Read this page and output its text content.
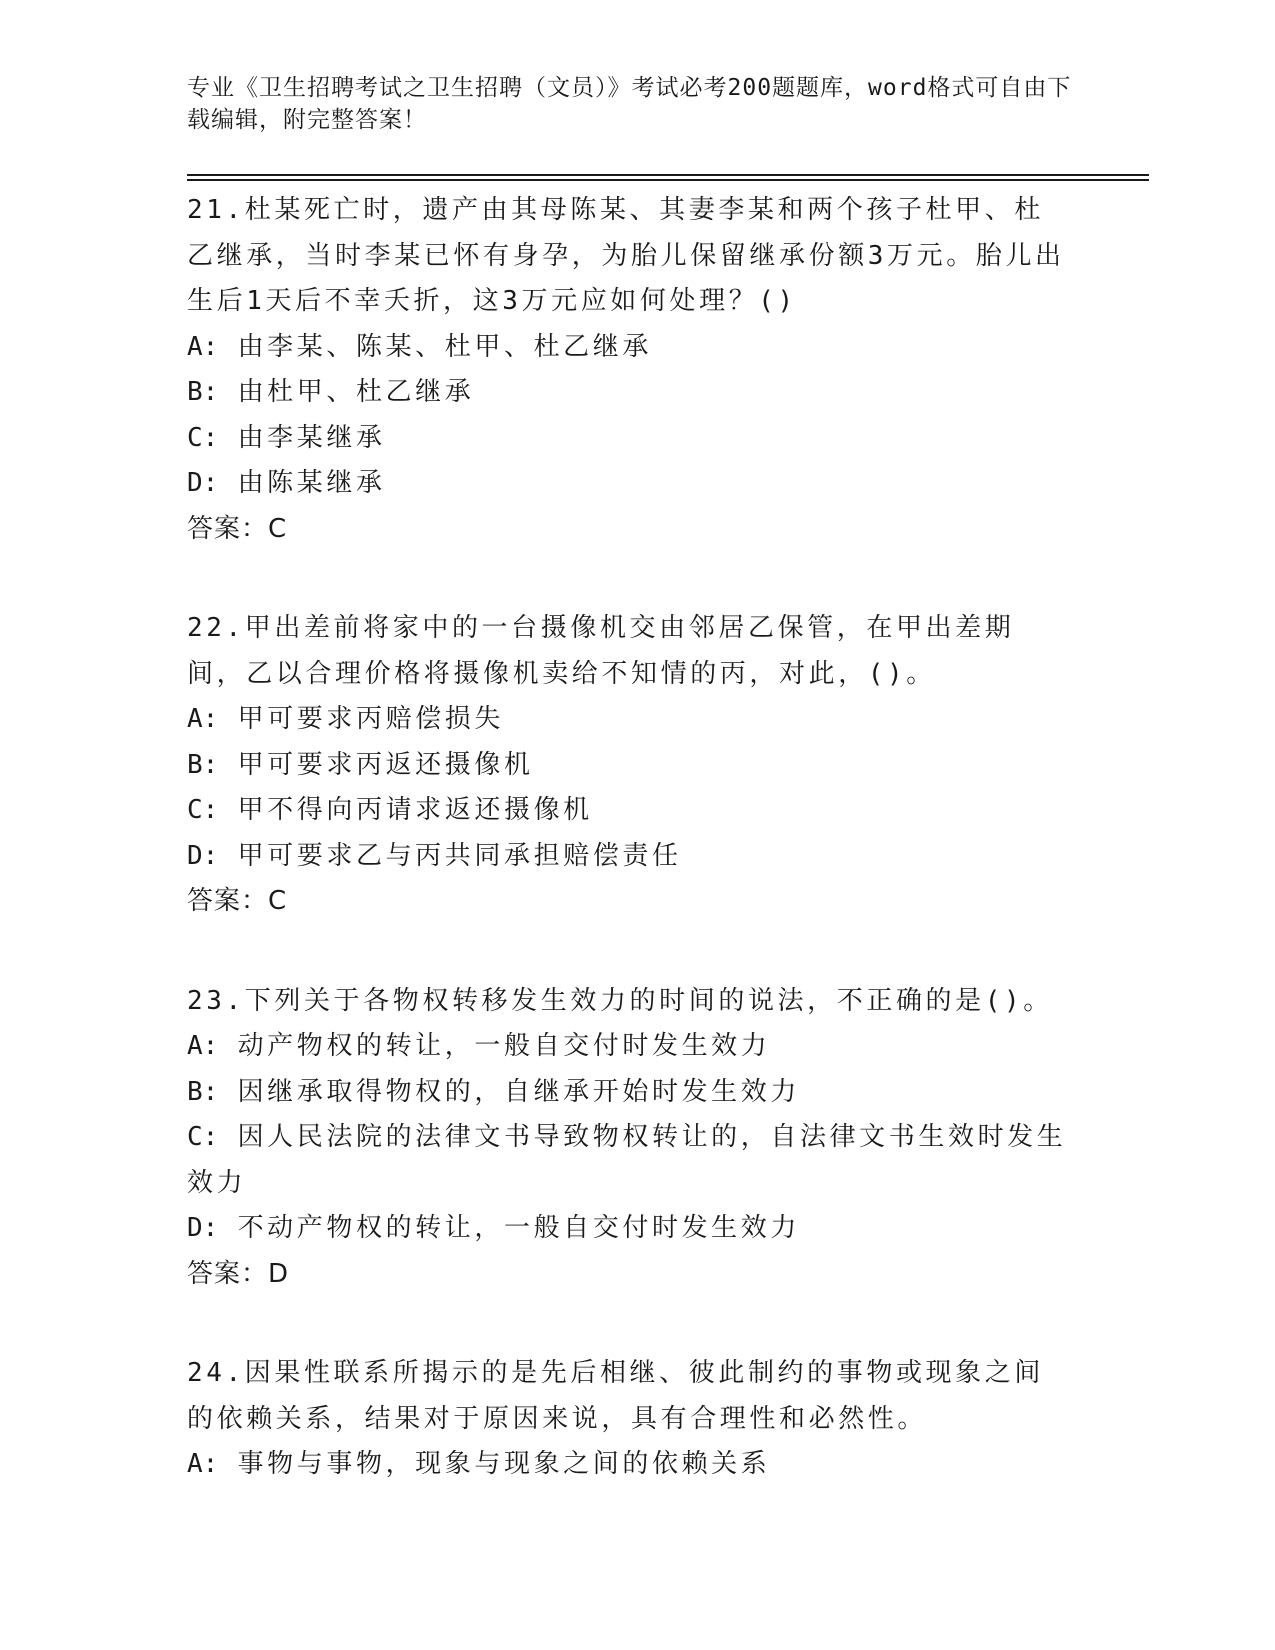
专业《卫生招聘考试之卫生招聘（文员）》考试必考200题题库，word格式可自由下载编辑，附完整答案！
21.杜某死亡时，遗产由其母陈某、其妻李某和两个孩子杜甲、杜乙继承，当时李某已怀有身孕，为胎儿保留继承份额3万元。胎儿出生后1天后不幸夭折，这3万元应如何处理？()
A: 由李某、陈某、杜甲、杜乙继承
B: 由杜甲、杜乙继承
C: 由李某继承
D: 由陈某继承
答案：C
22.甲出差前将家中的一台摄像机交由邻居乙保管，在甲出差期间，乙以合理价格将摄像机卖给不知情的丙，对此，()。
A: 甲可要求丙赔偿损失
B: 甲可要求丙返还摄像机
C: 甲不得向丙请求返还摄像机
D: 甲可要求乙与丙共同承担赔偿责任
答案：C
23.下列关于各物权转移发生效力的时间的说法，不正确的是()。
A: 动产物权的转让，一般自交付时发生效力
B: 因继承取得物权的，自继承开始时发生效力
C: 因人民法院的法律文书导致物权转让的，自法律文书生效时发生效力
D: 不动产物权的转让，一般自交付时发生效力
答案：D
24.因果性联系所揭示的是先后相继、彼此制约的事物或现象之间的依赖关系，结果对于原因来说，具有合理性和必然性。
A: 事物与事物，现象与现象之间的依赖关系
